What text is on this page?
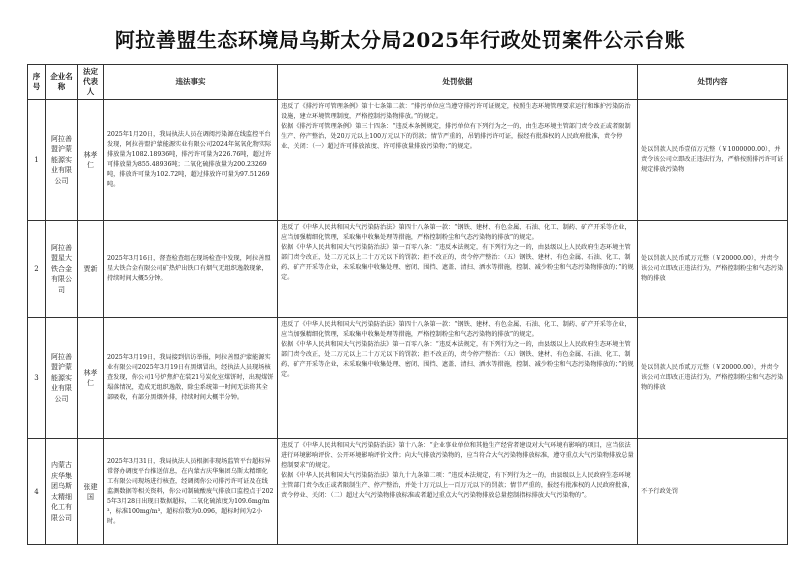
阿拉善盟生态环境局乌斯太分局2025年行政处罚案件公示台账
序号	企业名称	法定代表人	违法事实	处罚依据	处罚内容
1	阿拉善盟沪蒙能源实业有限公司	林孝仁	2025年1月20日，我局执法人员在调阅污染源在线监控平台发现，阿拉善盟沪蒙能源实业有限公司2024年氮氧化物实际排放量为1082.18936吨，排污许可量为226.76吨，超过许可排放量为855.48936吨；二氧化硫排放量为200.23269吨，排放许可量为102.72吨，超过排放许可量为97.51269吨。	违反了《排污许可管理条例》第十七条第二款：“排污单位应当遵守排污许可证规定，按照生态环境管理要求运行和维护污染防治设施，建立环境管理制度，严格控制污染物排放。”的规定。
依据《排污许可管理条例》第三十四条：“违反本条例规定，排污单位有下列行为之一的，由生态环境主管部门责令改正或者限制生产、停产整治，处20万元以上100万元以下的罚款；情节严重的，吊销排污许可证，报经有批准权的人民政府批准，责令停业、关闭：（一）超过许可排放浓度、许可排放量排放污染物；”的规定。	处以罚款人民币壹佰万元整（￥1000000.00），并责令该公司立即改正违法行为，严格按照排污许可证规定排放污染物
2	阿拉善盟星大铁合金有限公司	贾新	2025年3月16日，督查检查组在现场检查中发现，阿拉善盟星大铁合金有限公司矿热炉出铁口有烟气无组织逸散现象，持续时间大概5分钟。	违反了《中华人民共和国大气污染防治法》第四十八条第一款：“钢铁、建材、有色金属、石油、化工、制药、矿产开采等企业，应当加强精细化管理，采取集中收集处理等措施，严格控制粉尘和气态污染物的排放”的规定。
依据《中华人民共和国大气污染防治法》第一百零八条：“违反本法规定，有下列行为之一的，由县级以上人民政府生态环境主管部门责令改正，处二万元以上二十万元以下的罚款；拒不改正的，责令停产整治：（五）钢铁、建材、有色金属、石油、化工、制药、矿产开采等企业，未采取集中收集处理、密闭、围挡、遮盖、清扫、洒水等措施，控制、减少粉尘和气态污染物排放的；”的规定。	处以罚款人民币贰万元整（￥20000.00），并责令该公司立即改正违法行为，严格控制粉尘和气态污染物的排放
3	阿拉善盟沪蒙能源实业有限公司	林孝仁	2025年3月19日，我局接到信访举报，阿拉善盟沪蒙能源实业有限公司2025年3月19日有黑烟冒出，经执法人员现场核查发现，你公司1号炉焦炉在装21号炭化室煤饼时，出现煤饼塌落情况，造成无组织逸散，除尘系统第一时间无法将其全部吸收，有部分黑烟外排，持续时间大概半分钟。	违反了《中华人民共和国大气污染防治法》第四十八条第一款：“钢铁、建材、有色金属、石油、化工、制药、矿产开采等企业，应当加强精细化管理，采取集中收集处理等措施，严格控制粉尘和气态污染物的排放”的规定。
依据《中华人民共和国大气污染防治法》第一百零八条：“违反本法规定，有下列行为之一的，由县级以上人民政府生态环境主管部门责令改正，处二万元以上二十万元以下的罚款；拒不改正的，责令停产整治：（五）钢铁、建材、有色金属、石油、化工、制药、矿产开采等企业，未采取集中收集处理、密闭、围挡、遮盖、清扫、洒水等措施，控制、减少粉尘和气态污染物排放的；”的规定。	处以罚款人民币贰万元整（￥20000.00），并责令该公司立即改正违法行为，严格控制粉尘和气态污染物的排放
4	内蒙古庆华集团乌斯太精细化工有限公司	张建国	2025年3月31日，我局执法人员根据非现场监管平台超标异常督办调度平台推送信息，在内蒙古庆华集团乌斯太精细化工有限公司现场进行核查，经调阅你公司排污许可证及在线监测数据等相关资料，你公司制硫酸废气排放口监控点于2025年3月28日出现日数据超标，二氧化硫浓度为109.6mg/m³，标准100mg/m³，超标倍数为0.096，超标时间为2小时。	违反了《中华人民共和国大气污染防治法》第十八条：“企业事业单位和其他生产经营者建设对大气环境有影响的项目，应当依法进行环境影响评价、公开环境影响评价文件；向大气排放污染物的，应当符合大气污染物排放标准，遵守重点大气污染物排放总量控制要求”的规定。
依据《中华人民共和国大气污染防治法》第九十九条第二项：“违反本法规定，有下列行为之一的，由县级以上人民政府生态环境主管部门责令改正或者限制生产、停产整治，并处十万元以上一百万元以下的罚款；情节严重的，报经有批准权的人民政府批准，责令停业、关闭：（二）超过大气污染物排放标准或者超过重点大气污染物排放总量控制指标排放大气污染物的”。	不予行政处罚
